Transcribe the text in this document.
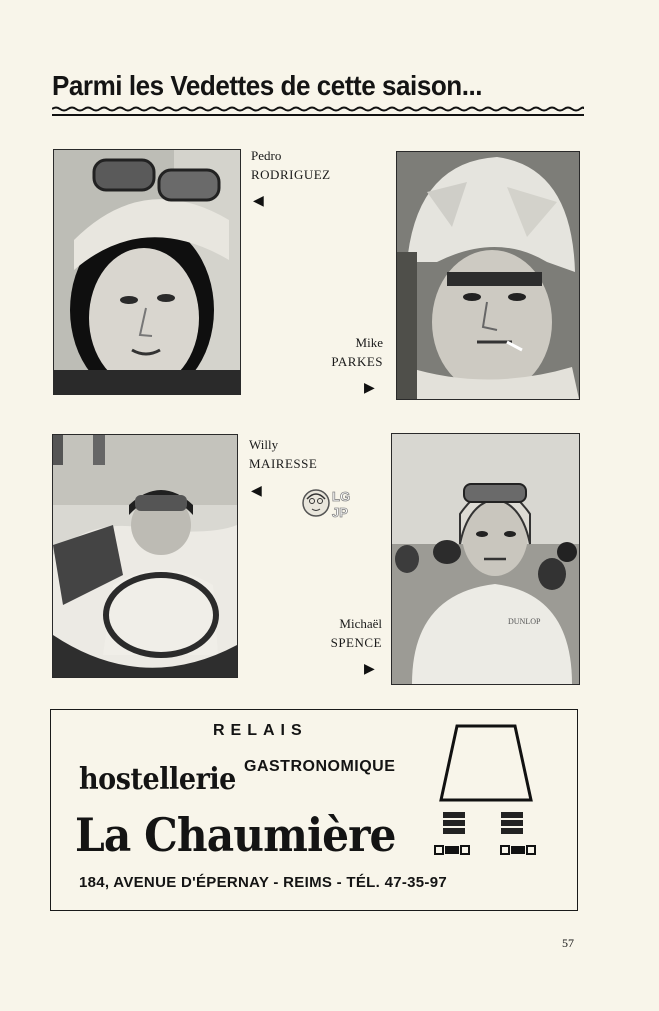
Parmi les Vedettes de cette saison...
Pedro
RODRIGUEZ
◀
Mike
PARKES
▶
Willy
MAIRESSE
◀	LG
JP
DUNLOP
Michaël
SPENCE
▶
RELAIS
GASTRONOMIQUE
hostellerie
La Chaumière
184, AVENUE D'ÉPERNAY - REIMS - TÉL. 47-35-97
57
